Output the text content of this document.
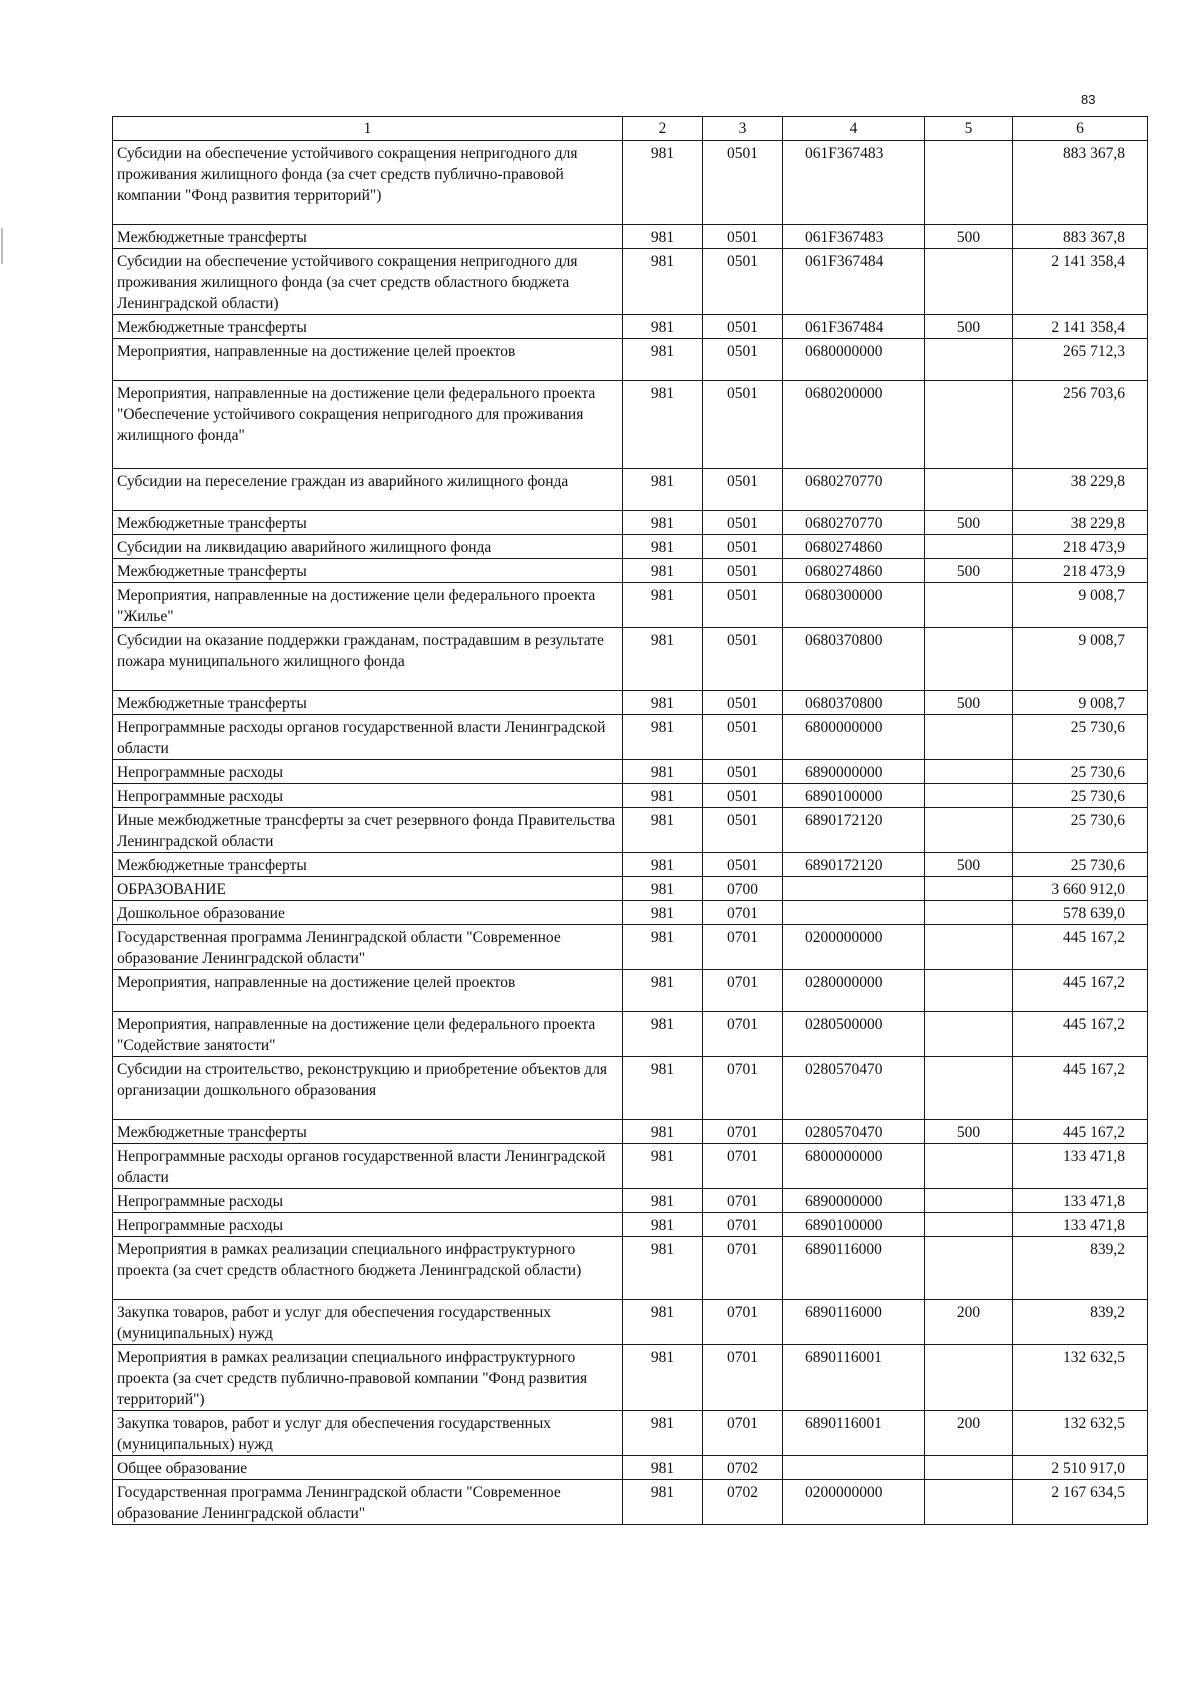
83
1	2	3	4	5	6
Субсидии на обеспечение устойчивого сокращения непригодного для проживания жилищного фонда (за счет средств публично-правовой компании "Фонд развития территорий")	981	0501	061F367483		883 367,8
Межбюджетные трансферты	981	0501	061F367483	500	883 367,8
Субсидии на обеспечение устойчивого сокращения непригодного для проживания жилищного фонда (за счет средств областного бюджета Ленинградской области)	981	0501	061F367484		2 141 358,4
Межбюджетные трансферты	981	0501	061F367484	500	2 141 358,4
Мероприятия, направленные на достижение целей проектов	981	0501	0680000000		265 712,3
Мероприятия, направленные на достижение цели федерального проекта "Обеспечение устойчивого сокращения непригодного для проживания жилищного фонда"	981	0501	0680200000		256 703,6
Субсидии на переселение граждан из аварийного жилищного фонда	981	0501	0680270770		38 229,8
Межбюджетные трансферты	981	0501	0680270770	500	38 229,8
Субсидии на ликвидацию аварийного жилищного фонда	981	0501	0680274860		218 473,9
Межбюджетные трансферты	981	0501	0680274860	500	218 473,9
Мероприятия, направленные на достижение цели федерального проекта "Жилье"	981	0501	0680300000		9 008,7
Субсидии на оказание поддержки гражданам, пострадавшим в результате пожара муниципального жилищного фонда	981	0501	0680370800		9 008,7
Межбюджетные трансферты	981	0501	0680370800	500	9 008,7
Непрограммные расходы органов государственной власти Ленинградской области	981	0501	6800000000		25 730,6
Непрограммные расходы	981	0501	6890000000		25 730,6
Непрограммные расходы	981	0501	6890100000		25 730,6
Иные межбюджетные трансферты за счет резервного фонда Правительства Ленинградской области	981	0501	6890172120		25 730,6
Межбюджетные трансферты	981	0501	6890172120	500	25 730,6
ОБРАЗОВАНИЕ	981	0700			3 660 912,0
Дошкольное образование	981	0701			578 639,0
Государственная программа Ленинградской области "Современное образование Ленинградской области"	981	0701	0200000000		445 167,2
Мероприятия, направленные на достижение целей проектов	981	0701	0280000000		445 167,2
Мероприятия, направленные на достижение цели федерального проекта "Содействие занятости"	981	0701	0280500000		445 167,2
Субсидии на строительство, реконструкцию и приобретение объектов для организации дошкольного образования	981	0701	0280570470		445 167,2
Межбюджетные трансферты	981	0701	0280570470	500	445 167,2
Непрограммные расходы органов государственной власти Ленинградской области	981	0701	6800000000		133 471,8
Непрограммные расходы	981	0701	6890000000		133 471,8
Непрограммные расходы	981	0701	6890100000		133 471,8
Мероприятия в рамках реализации специального инфраструктурного проекта (за счет средств областного бюджета Ленинградской области)	981	0701	6890116000		839,2
Закупка товаров, работ и услуг для обеспечения государственных (муниципальных) нужд	981	0701	6890116000	200	839,2
Мероприятия в рамках реализации специального инфраструктурного проекта (за счет средств публично-правовой компании "Фонд развития территорий")	981	0701	6890116001		132 632,5
Закупка товаров, работ и услуг для обеспечения государственных (муниципальных) нужд	981	0701	6890116001	200	132 632,5
Общее образование	981	0702			2 510 917,0
Государственная программа Ленинградской области "Современное образование Ленинградской области"	981	0702	0200000000		2 167 634,5
